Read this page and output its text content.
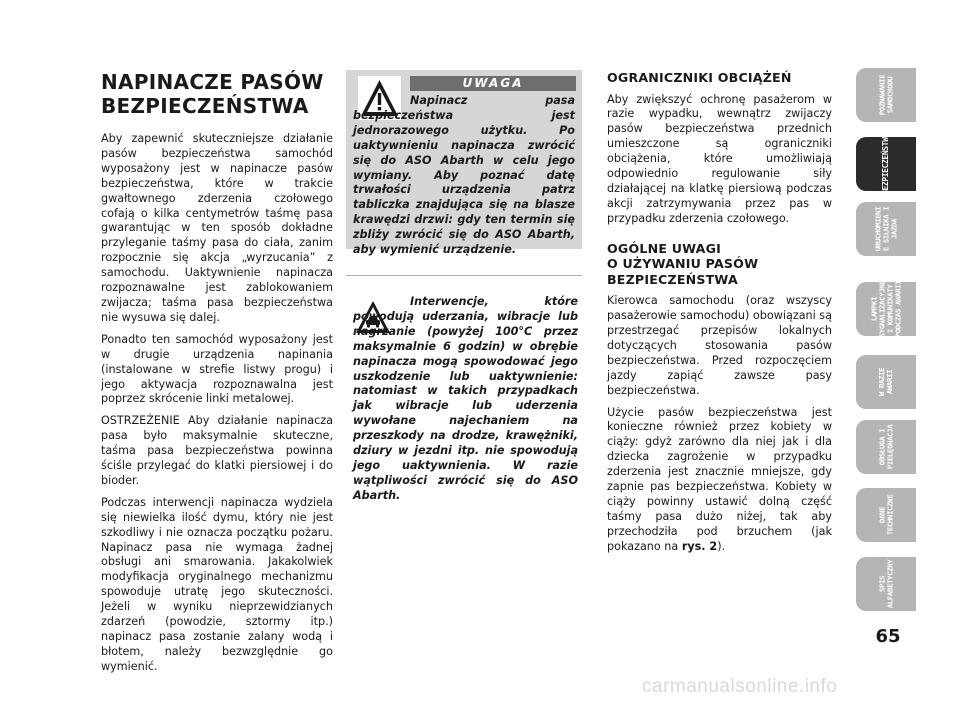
NAPINACZE PASÓW
BEZPIECZEŃSTWA

Aby zapewnić skuteczniejsze działanie pasów bezpieczeństwa samochód wyposażony jest w napinacze pasów bezpieczeństwa, które w trakcie gwałtownego zderzenia czołowego cofają o kilka centymetrów taśmę pasa gwarantując w ten sposób dokładne przyleganie taśmy pasa do ciała, zanim rozpocznie się akcja „wyrzucania” z samochodu. Uaktywnienie napinacza rozpoznawalne jest zablokowaniem zwijacza; taśma pasa bezpieczeństwa nie wysuwa się dalej.

Ponadto ten samochód wyposażony jest w drugie urządzenia napinania (instalowane w strefie listwy progu) i jego aktywacja rozpoznawalna jest poprzez skrócenie linki metalowej.

OSTRZEŻENIE Aby działanie napinacza pasa było maksymalnie skuteczne, taśma pasa bezpieczeństwa powinna ściśle przylegać do klatki piersiowej i do bioder.

Podczas interwencji napinacza wydziela się niewielka ilość dymu, który nie jest szkodliwy i nie oznacza początku pożaru. Napinacz pasa nie wymaga żadnej obsługi ani smarowania. Jakakolwiek modyfikacja oryginalnego mechanizmu spowoduje utratę jego skuteczności. Jeżeli w wyniku nieprzewidzianych zdarzeń (powodzie, sztormy itp.) napinacz pasa zostanie zalany wodą i błotem, należy bezwzględnie go wymienić.

UWAGA
Napinacz pasa bezpieczeństwa jest jednorazowego użytku. Po uaktywnieniu napinacza zwrócić się do ASO Abarth w celu jego wymiany. Aby poznać datę trwałości urządzenia patrz tabliczka znajdująca się na blasze krawędzi drzwi: gdy ten termin się zbliży zwrócić się do ASO Abarth, aby wymienić urządzenie.
Interwencje, które powodują uderzania, wibracje lub nagrzanie (powyżej 100°C przez maksymalnie 6 godzin) w obrębie napinacza mogą spowodować jego uszkodzenie lub uaktywnienie: natomiast w takich przypadkach jak wibracje lub uderzenia wywołane najechaniem na przeszkody na drodze, krawężniki, dziury w jezdni itp. nie spowodują jego uaktywnienia. W razie wątpliwości zwrócić się do ASO Abarth.
OGRANICZNIKI OBCIĄŻEŃ

Aby zwiększyć ochronę pasażerom w razie wypadku, wewnątrz zwijaczy pasów bezpieczeństwa przednich umieszczone są ograniczniki obciążenia, które umożliwiają odpowiednio regulowanie siły działającej na klatkę piersiową podczas akcji zatrzymywania przez pas w przypadku zderzenia czołowego.

OGÓLNE UWAGI
O UŻYWANIU PASÓW
BEZPIECZEŃSTWA

Kierowca samochodu (oraz wszyscy pasażerowie samochodu) obowiązani są przestrzegać przepisów lokalnych dotyczących stosowania pasów bezpieczeństwa. Przed rozpoczęciem jazdy zapiąć zawsze pasy bezpieczeństwa.

Użycie pasów bezpieczeństwa jest konieczne również przez kobiety w ciąży: gdyż zarówno dla niej jak i dla dziecka zagrożenie w przypadku zderzenia jest znacznie mniejsze, gdy zapnie pas bezpieczeństwa. Kobiety w ciąży powinny ustawić dolną część taśmy pasa dużo niżej, tak aby przechodziła pod brzuchem (jak pokazano na rys. 2).

POZNAWANIE
SAMOCHODU
BEZPIECZEŃSTWO
URUCHOMIENI
E SILNIKA I
JAZDA
LAMPKI
SYGNALIZACYJNE
I KOMUNIKATY
PODCZAS AWARII
W RAZIE
AWARII
OBSŁUGA I
PIELĘGNACJA
DANE
TECHNICZNE
SPIS
ALFABETYCZNY
65
carmanualsonline.info
